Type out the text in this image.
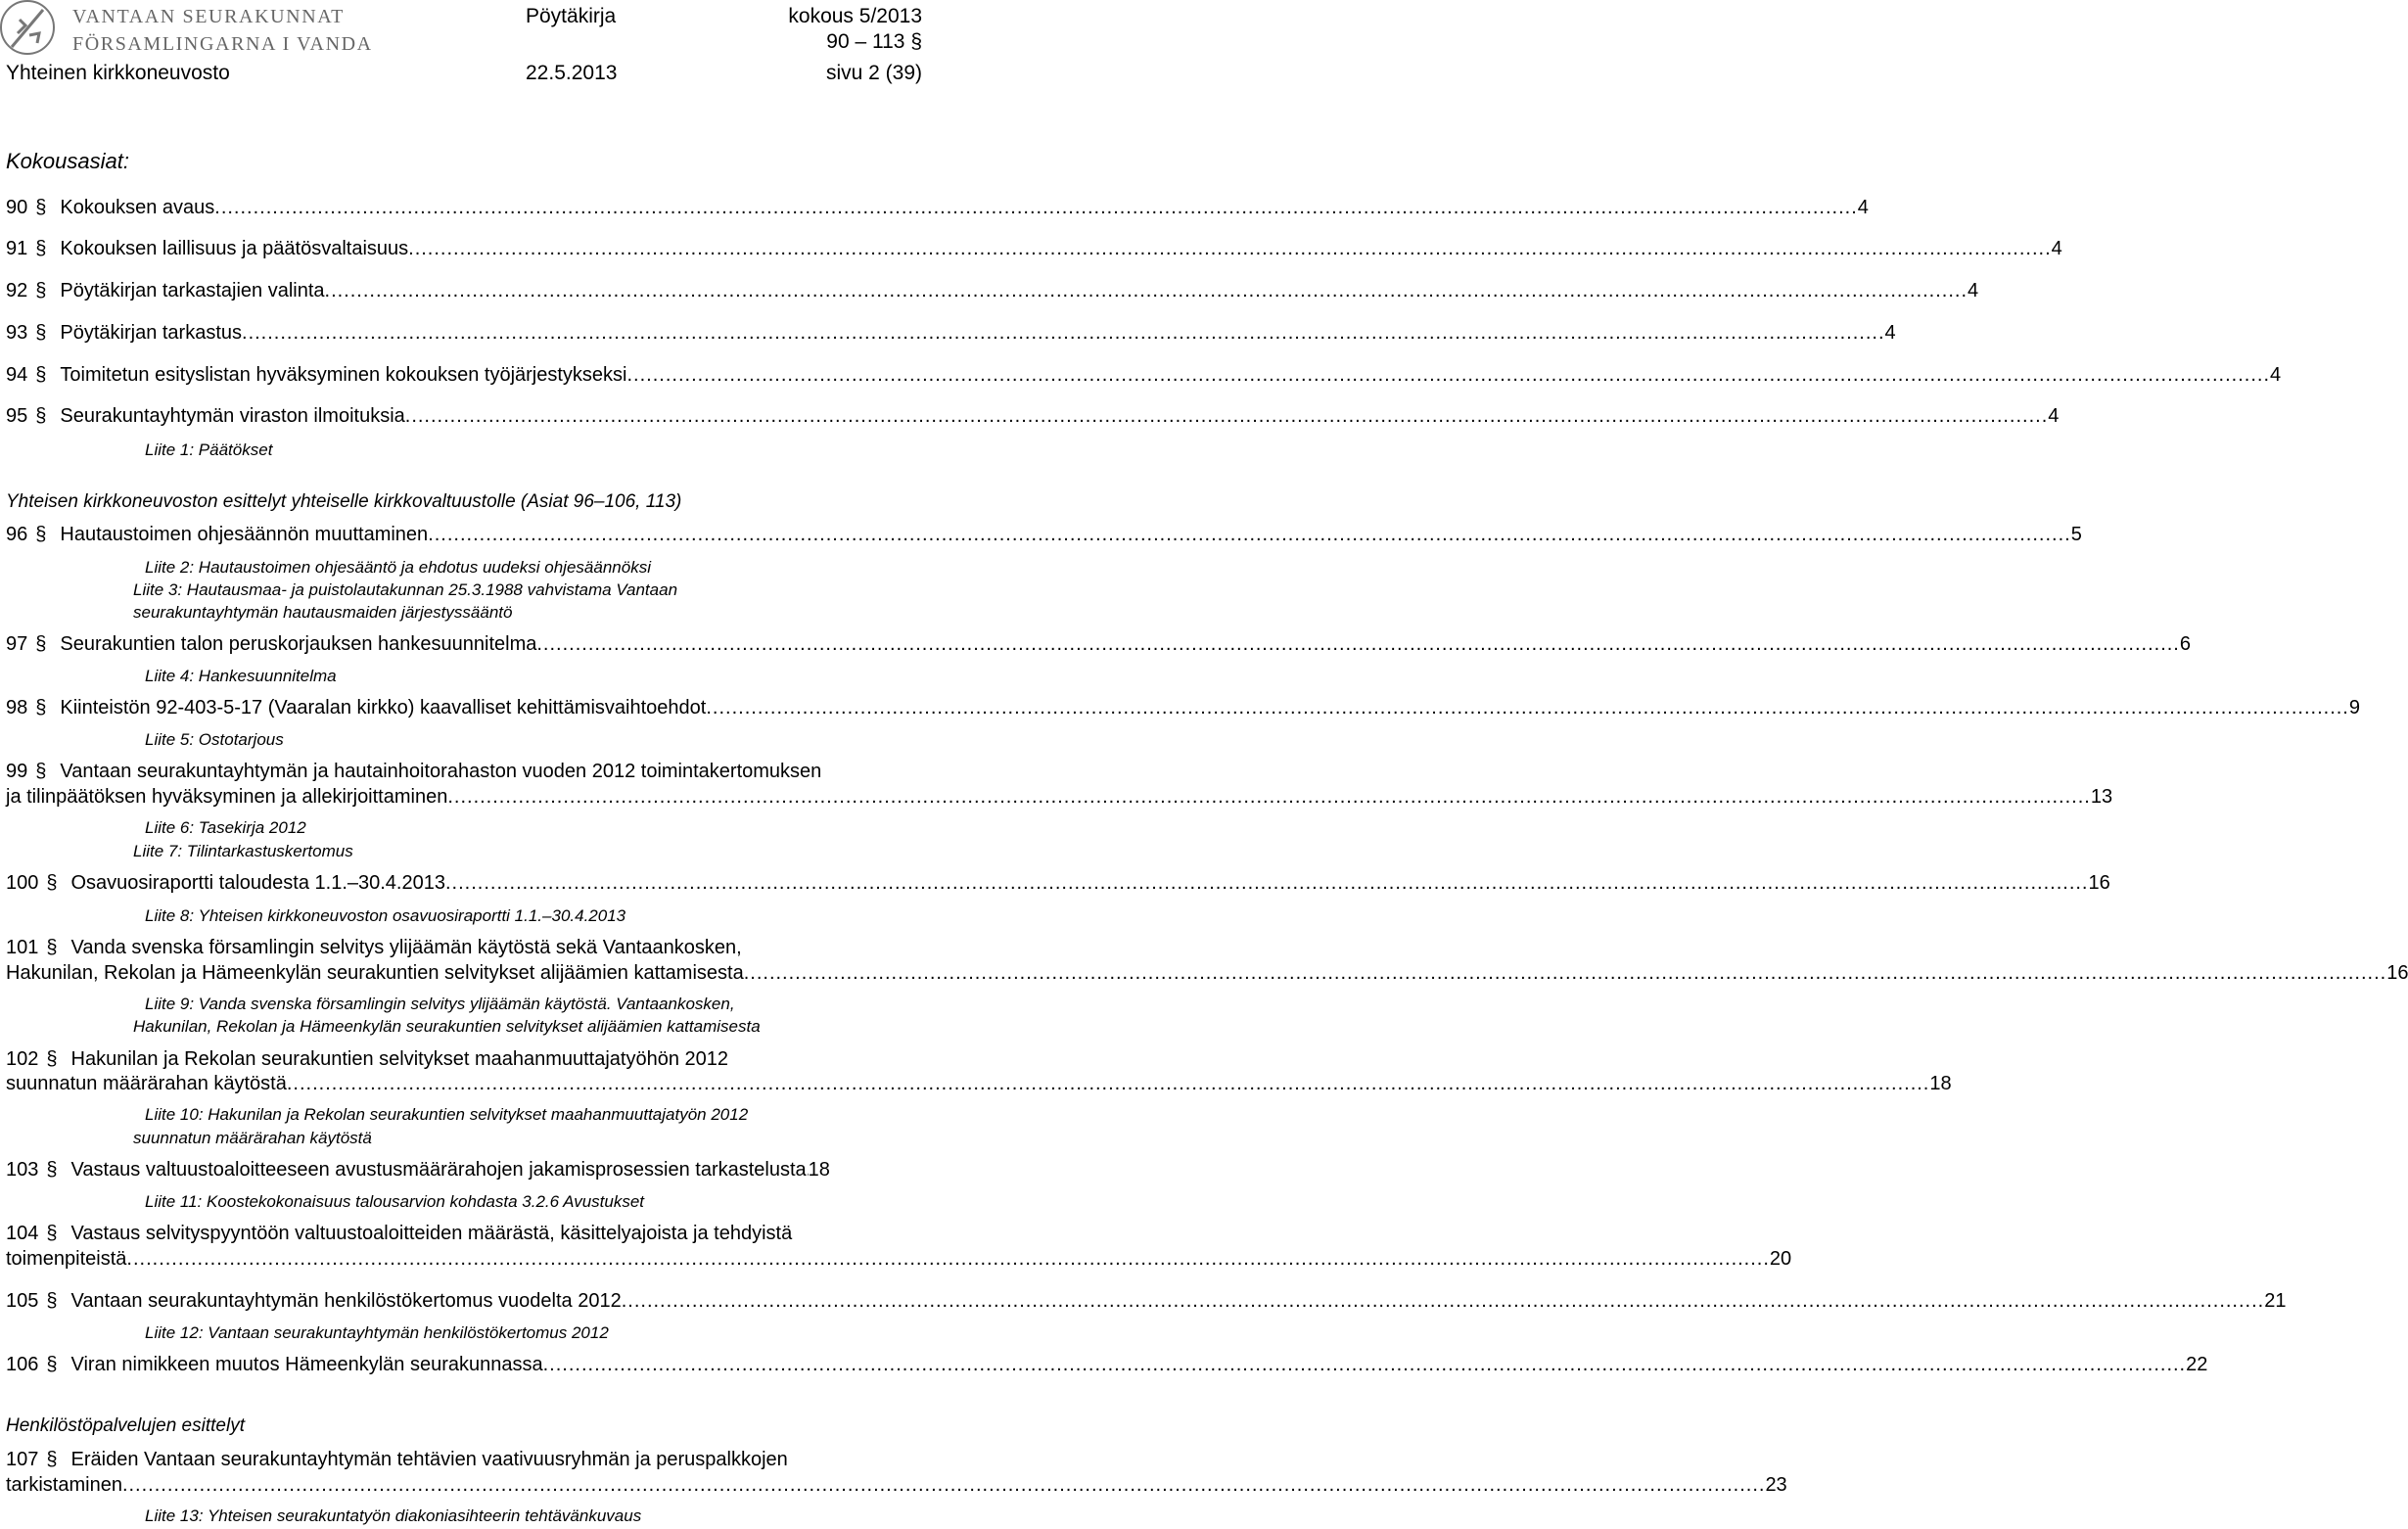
VANTAAN SEURAKUNNAT
FÖRSAMLINGARNA I VANDA
Pöytäkirja	kokous 5/2013
90 – 113 §
Yhteinen kirkkoneuvosto	22.5.2013	sivu 2 (39)
Kokousasiat:
90 § Kokouksen avaus .....	4
91 § Kokouksen laillisuus ja päätösvaltaisuus .....	4
92 § Pöytäkirjan tarkastajien valinta .....	4
93 § Pöytäkirjan tarkastus .....	4
94 § Toimitetun esityslistan hyväksyminen kokouksen työjärjestykseksi .....	4
95 § Seurakuntayhtymän viraston ilmoituksia .....	4
Liite 1: Päätökset
Yhteisen kirkkoneuvoston esittelyt yhteiselle kirkkovaltuustolle (Asiat 96–106, 113)
96 § Hautaustoimen ohjesäännön muuttaminen .....	5
Liite 2: Hautaustoimen ohjesääntö ja ehdotus uudeksi ohjesäännöksi
Liite 3: Hautausmaa- ja puistolautakunnan 25.3.1988 vahvistama Vantaan
seurakuntayhtymän hautausmaiden järjestyssääntö
97 § Seurakuntien talon peruskorjauksen hankesuunnitelma .....	6
Liite 4: Hankesuunnitelma
98 § Kiinteistön 92-403-5-17 (Vaaralan kirkko) kaavalliset kehittämisvaihtoehdot .....	9
Liite 5: Ostotarjous
99 § Vantaan seurakuntayhtymän ja hautainhoitorahaston vuoden 2012 toimintakertomuksen
ja tilinpäätöksen hyväksyminen ja allekirjoittaminen .....	13
Liite 6: Tasekirja 2012
Liite 7: Tilintarkastuskertomus
100 § Osavuosiraportti taloudesta 1.1.–30.4.2013 .....	16
Liite 8: Yhteisen kirkkoneuvoston osavuosiraportti 1.1.–30.4.2013
101 § Vanda svenska församlingin selvitys ylijäämän käytöstä sekä Vantaankosken,
Hakunilan, Rekolan ja Hämeenkylän seurakuntien selvitykset alijäämien kattamisesta .....	16
Liite 9: Vanda svenska församlingin selvitys ylijäämän käytöstä. Vantaankosken,
Hakunilan, Rekolan ja Hämeenkylän seurakuntien selvitykset alijäämien kattamisesta
102 § Hakunilan ja Rekolan seurakuntien selvitykset maahanmuuttajatyöhön 2012
suunnatun määrärahan käytöstä .....	18
Liite 10: Hakunilan ja Rekolan seurakuntien selvitykset maahanmuuttajatyön 2012
suunnatun määrärahan käytöstä
103 § Vastaus valtuustoaloitteeseen avustusmäärärahojen jakamisprosessien tarkastelusta ..... 18
Liite 11: Koostekokonaisuus talousarvion kohdasta 3.2.6 Avustukset
104 § Vastaus selvityspyyntöön valtuustoaloitteiden määrästä, käsittelyajoista ja tehdyistä
toimenpiteistä .....	20
105 § Vantaan seurakuntayhtymän henkilöstökertomus vuodelta 2012 .....	21
Liite 12: Vantaan seurakuntayhtymän henkilöstökertomus 2012
106 § Viran nimikkeen muutos Hämeenkylän seurakunnassa .....	22
Henkilöstöpalvelujen esittelyt
107 § Eräiden Vantaan seurakuntayhtymän tehtävien vaativuusryhmän ja peruspalkkojen
tarkistaminen .....	23
Liite 13: Yhteisen seurakuntatyön diakoniasihteerin tehtävänkuvaus
